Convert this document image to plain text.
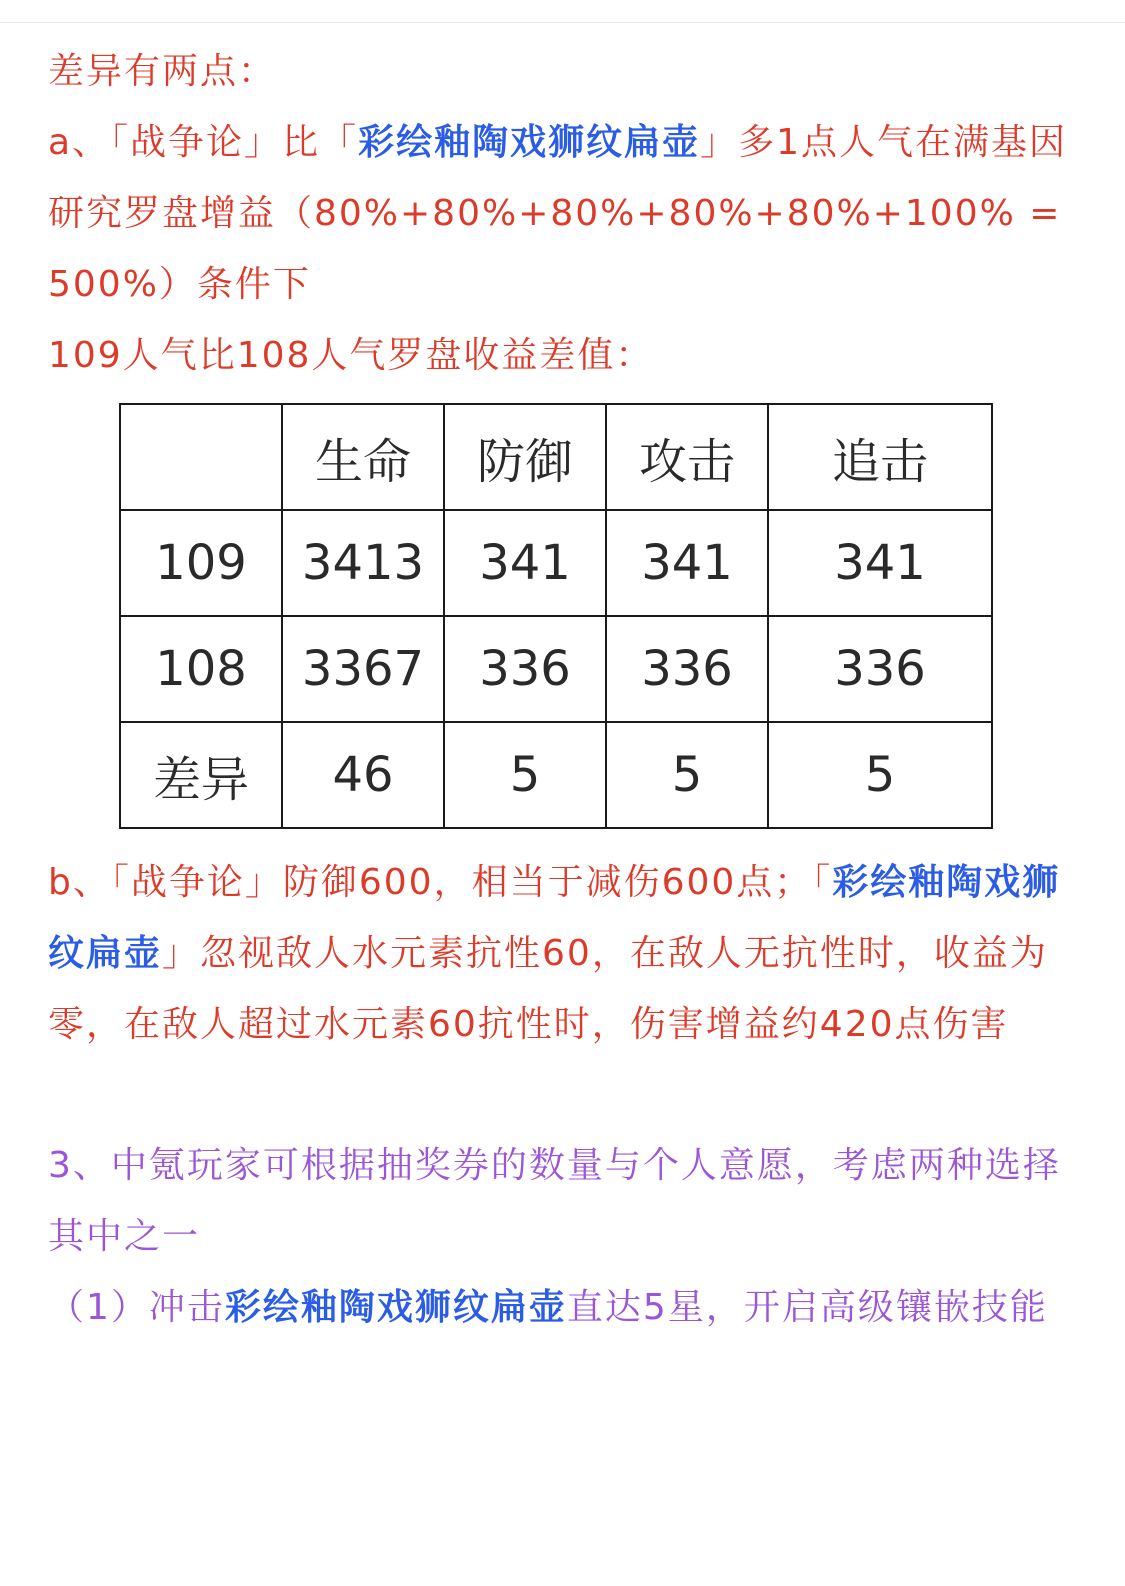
差异有两点：

a、「战争论」比「彩绘釉陶戏狮纹扁壶」多1点人气在满基因研究罗盘增益（80%+80%+80%+80%+80%+100% = 500%）条件下

109人气比108人气罗盘收益差值：

	生命	防御	攻击	追击
109	3413	341	341	341
108	3367	336	336	336
差异	46	5	5	5

b、「战争论」防御600，相当于减伤600点；「彩绘釉陶戏狮纹扁壶」忽视敌人水元素抗性60，在敌人无抗性时，收益为零，在敌人超过水元素60抗性时，伤害增益约420点伤害

3、中氪玩家可根据抽奖券的数量与个人意愿，考虑两种选择其中之一

（1）冲击彩绘釉陶戏狮纹扁壶直达5星，开启高级镶嵌技能
